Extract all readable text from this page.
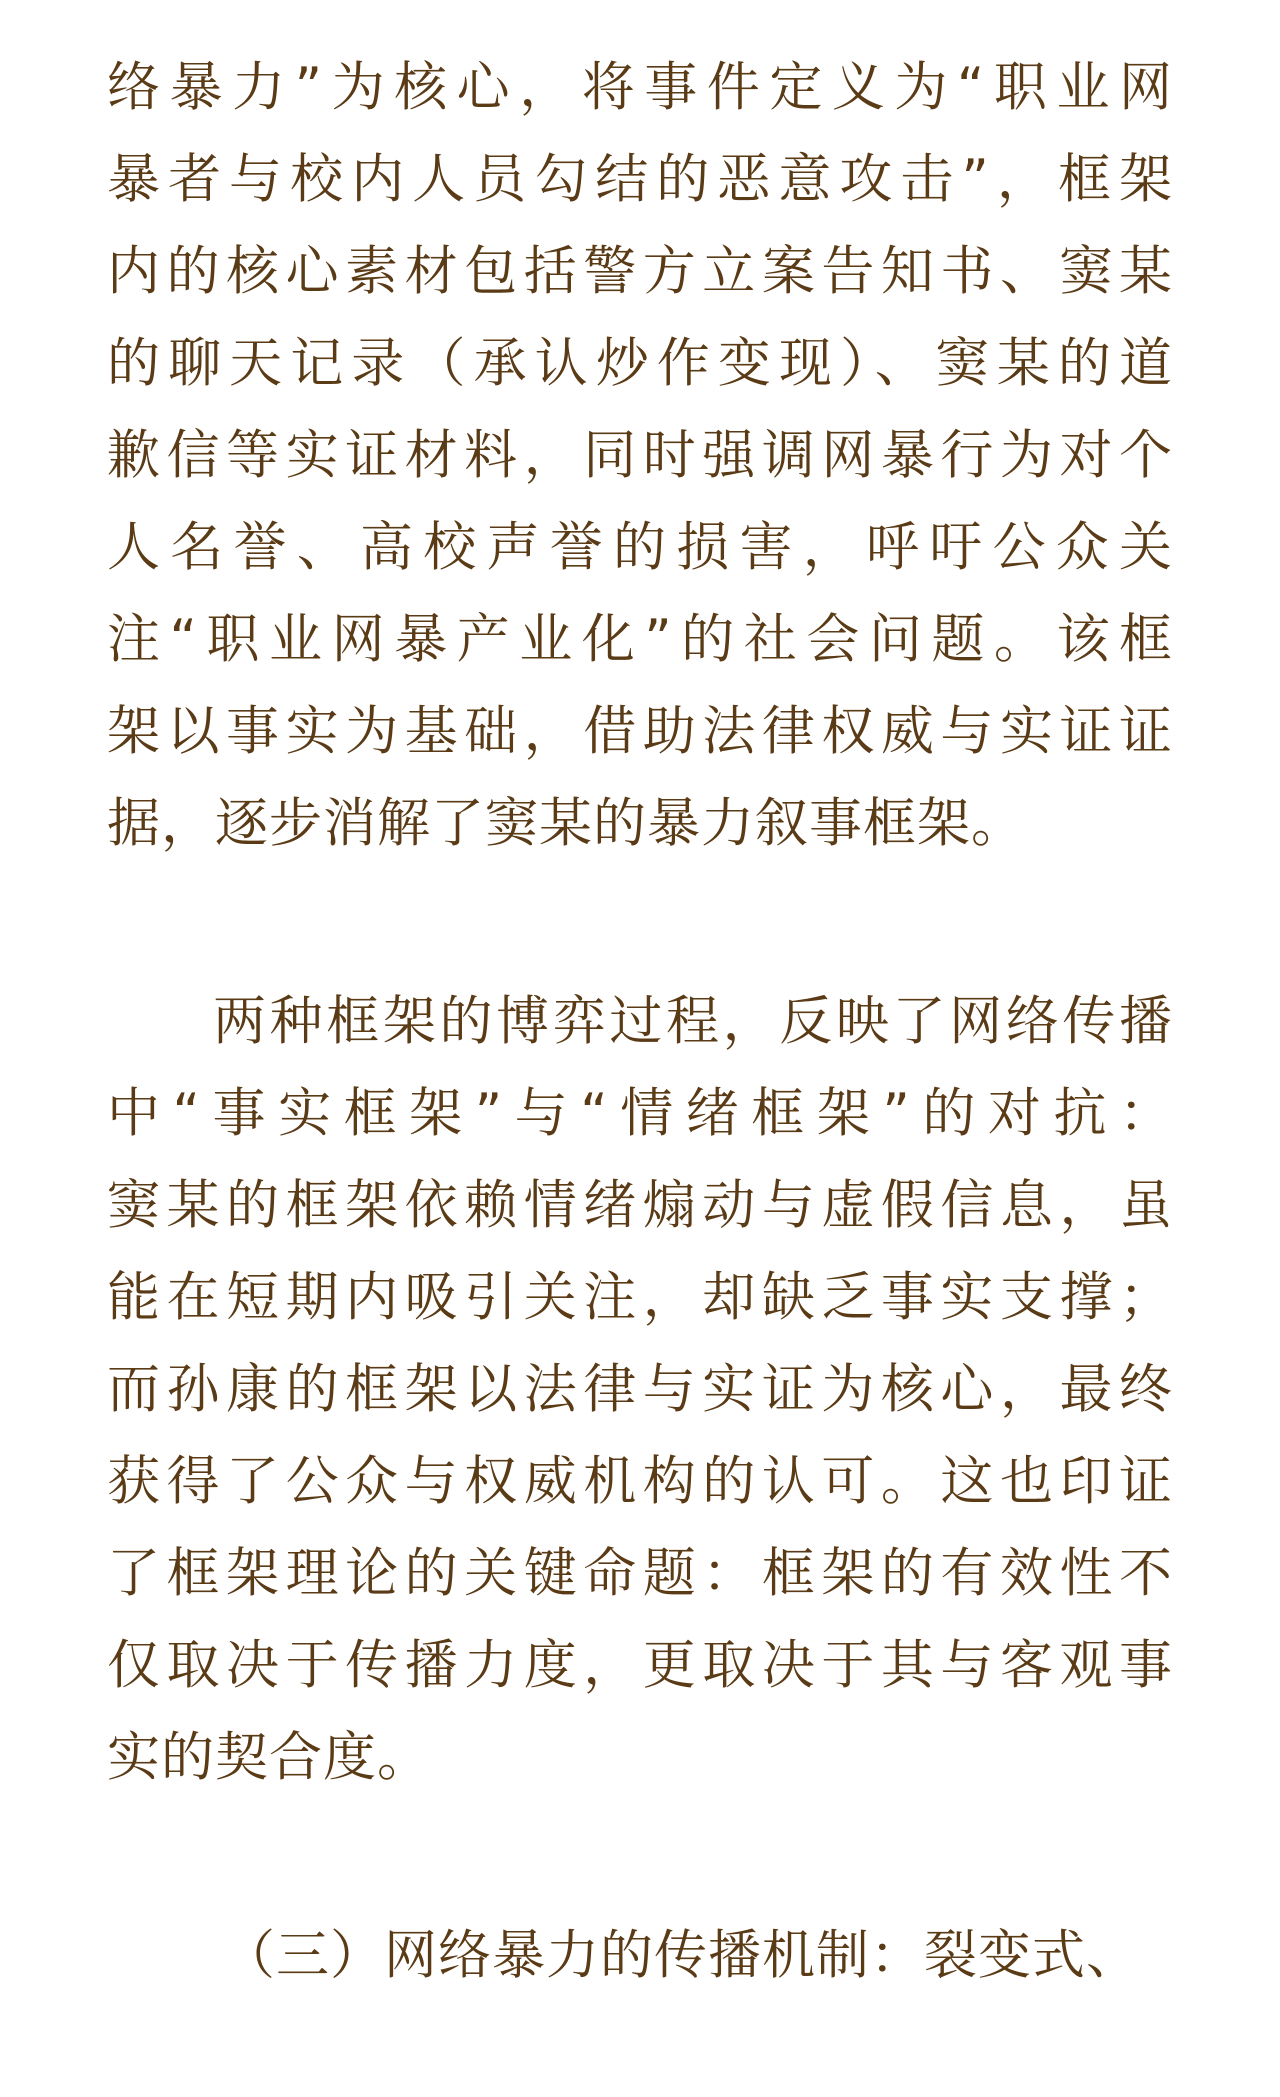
络暴力”为核心，将事件定义为“职业网
暴者与校内人员勾结的恶意攻击”，框架
内的核心素材包括警方立案告知书、窦某
的聊天记录（承认炒作变现）、窦某的道
歉信等实证材料，同时强调网暴行为对个
人名誉、高校声誉的损害，呼吁公众关
注“职业网暴产业化”的社会问题。该框
架以事实为基础，借助法律权威与实证证
据，逐步消解了窦某的暴力叙事框架。
两种框架的博弈过程，反映了网络传播
中“事实框架”与“情绪框架”的对抗：
窦某的框架依赖情绪煽动与虚假信息，虽
能在短期内吸引关注，却缺乏事实支撑；
而孙康的框架以法律与实证为核心，最终
获得了公众与权威机构的认可。这也印证
了框架理论的关键命题：框架的有效性不
仅取决于传播力度，更取决于其与客观事
实的契合度。
（三）网络暴力的传播机制：裂变式、
